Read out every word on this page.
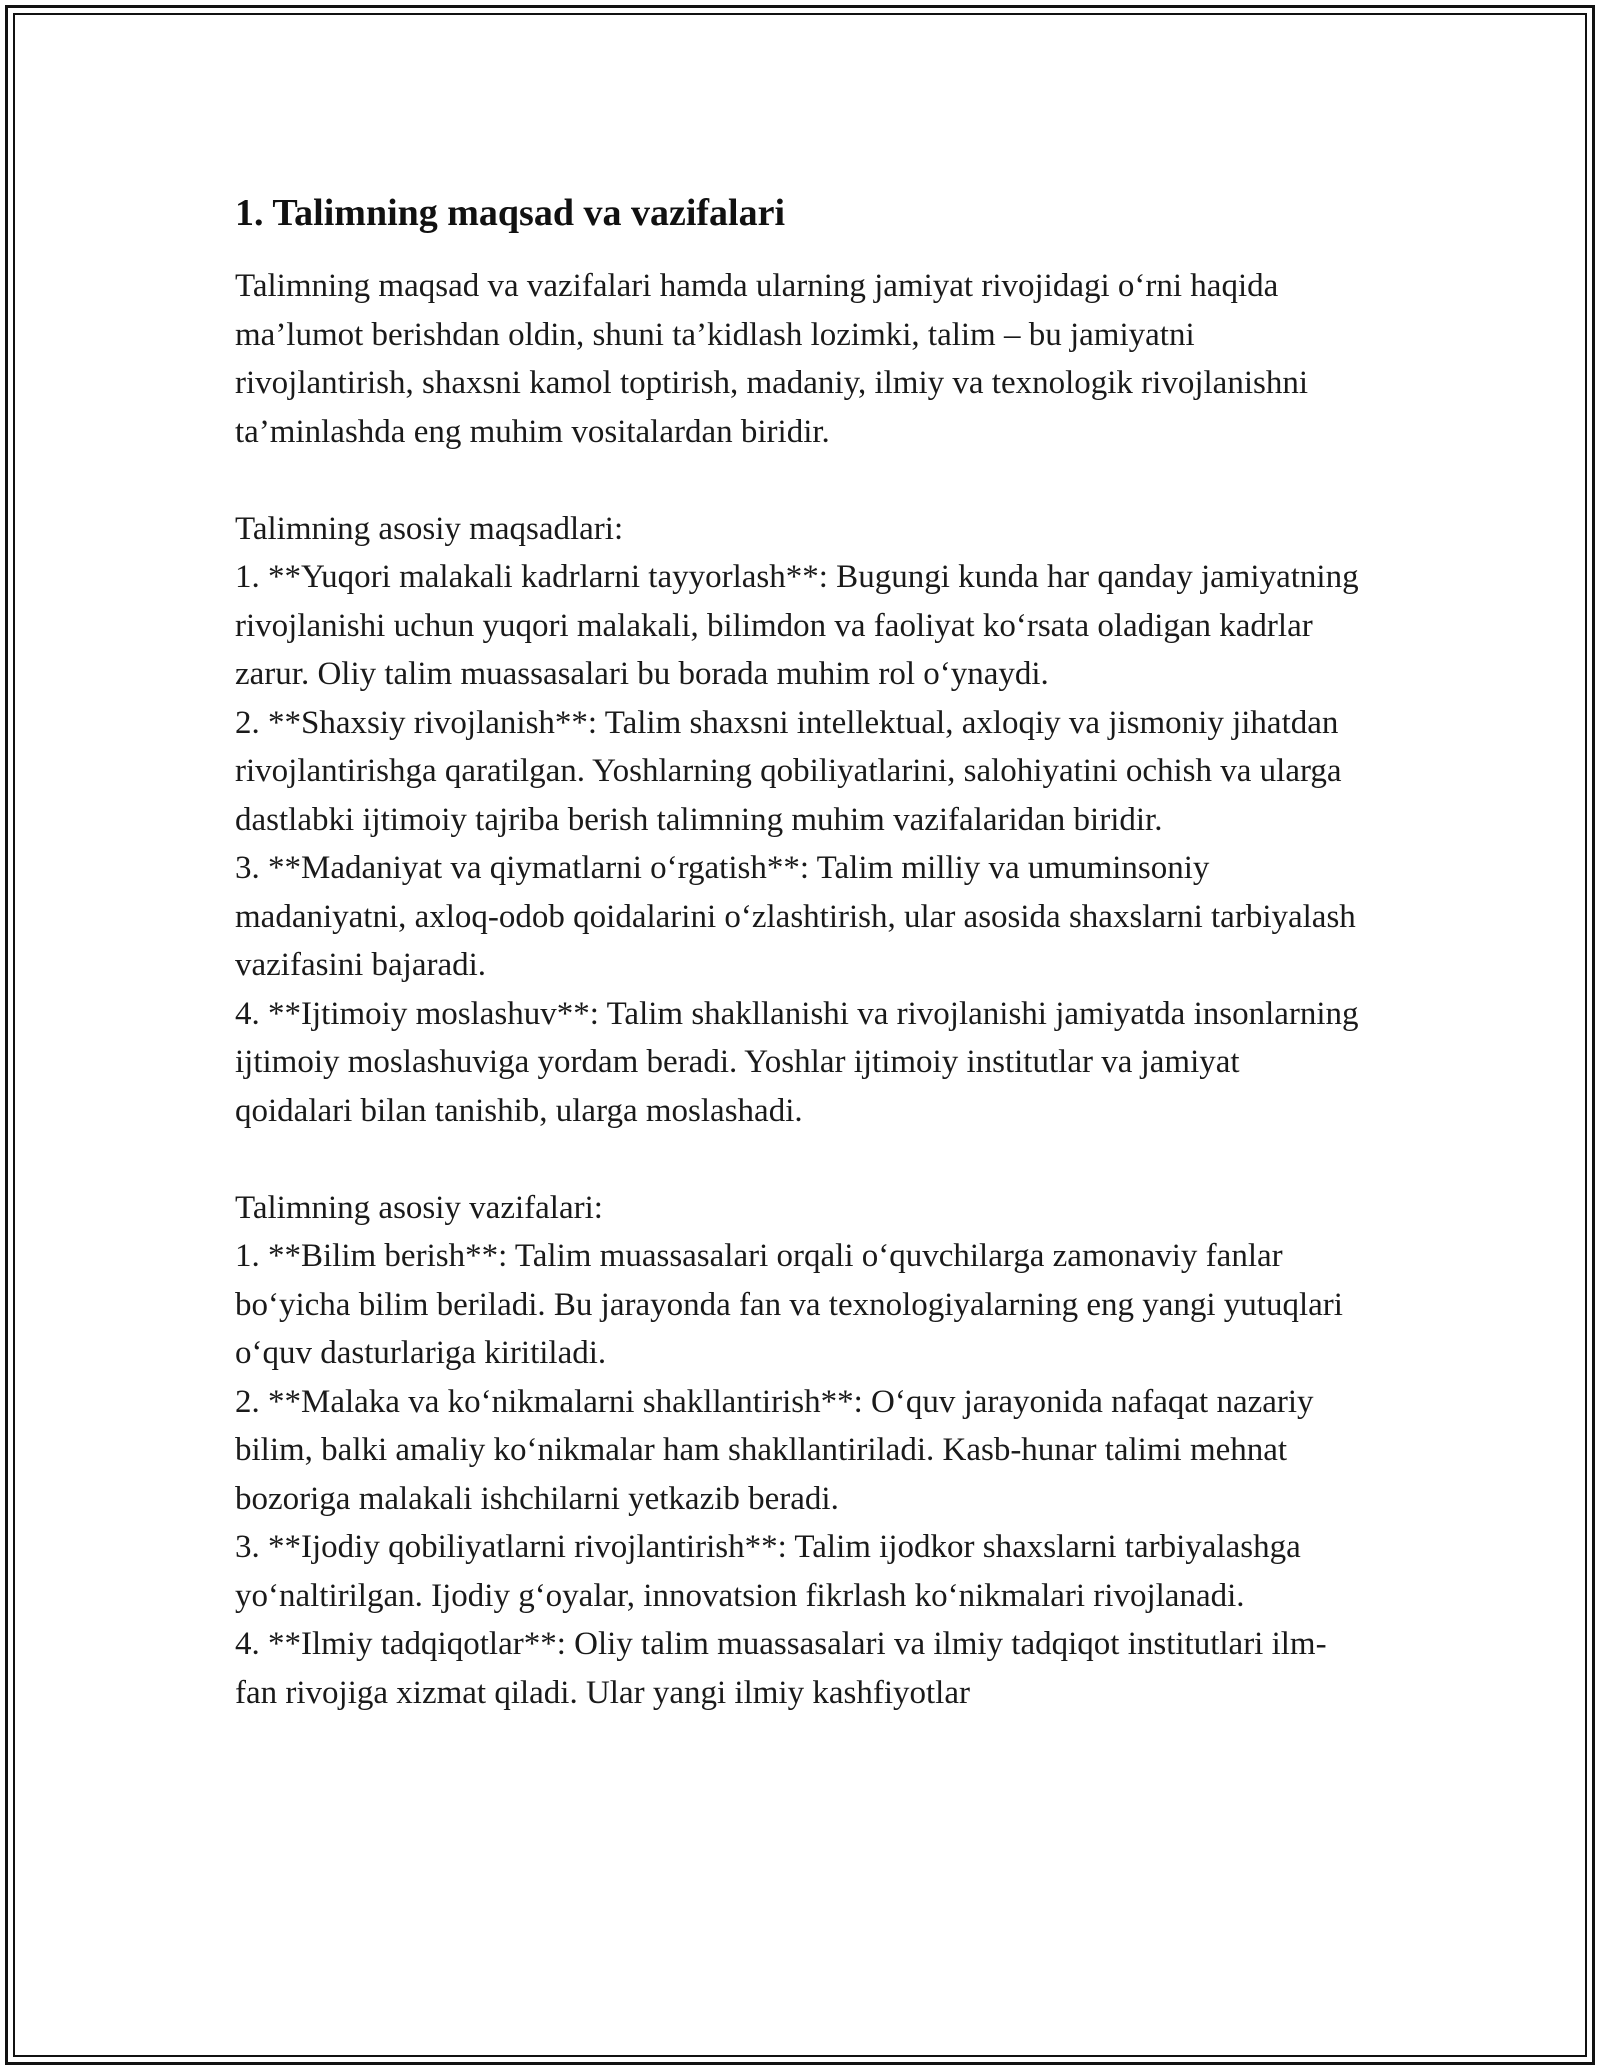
1. Talimning maqsad va vazifalari

Talimning maqsad va vazifalari hamda ularning jamiyat rivojidagi o‘rni haqida ma’lumot berishdan oldin, shuni ta’kidlash lozimki, talim – bu jamiyatni rivojlantirish, shaxsni kamol toptirish, madaniy, ilmiy va texnologik rivojlanishni ta’minlashda eng muhim vositalardan biridir.

Talimning asosiy maqsadlari:

1. **Yuqori malakali kadrlarni tayyorlash**: Bugungi kunda har qanday jamiyatning rivojlanishi uchun yuqori malakali, bilimdon va faoliyat ko‘rsata oladigan kadrlar zarur. Oliy talim muassasalari bu borada muhim rol o‘ynaydi.

2. **Shaxsiy rivojlanish**: Talim shaxsni intellektual, axloqiy va jismoniy jihatdan rivojlantirishga qaratilgan. Yoshlarning qobiliyatlarini, salohiyatini ochish va ularga dastlabki ijtimoiy tajriba berish talimning muhim vazifalaridan biridir.

3. **Madaniyat va qiymatlarni o‘rgatish**: Talim milliy va umuminsoniy madaniyatni, axloq-odob qoidalarini o‘zlashtirish, ular asosida shaxslarni tarbiyalash vazifasini bajaradi.

4. **Ijtimoiy moslashuv**: Talim shakllanishi va rivojlanishi jamiyatda insonlarning ijtimoiy moslashuviga yordam beradi. Yoshlar ijtimoiy institutlar va jamiyat qoidalari bilan tanishib, ularga moslashadi.

Talimning asosiy vazifalari:

1. **Bilim berish**: Talim muassasalari orqali o‘quvchilarga zamonaviy fanlar bo‘yicha bilim beriladi. Bu jarayonda fan va texnologiyalarning eng yangi yutuqlari o‘quv dasturlariga kiritiladi.

2. **Malaka va ko‘nikmalarni shakllantirish**: O‘quv jarayonida nafaqat nazariy bilim, balki amaliy ko‘nikmalar ham shakllantiriladi. Kasb-hunar talimi mehnat bozoriga malakali ishchilarni yetkazib beradi.

3. **Ijodiy qobiliyatlarni rivojlantirish**: Talim ijodkor shaxslarni tarbiyalashga yo‘naltirilgan. Ijodiy g‘oyalar, innovatsion fikrlash ko‘nikmalari rivojlanadi.

4. **Ilmiy tadqiqotlar**: Oliy talim muassasalari va ilmiy tadqiqot institutlari ilm-fan rivojiga xizmat qiladi. Ular yangi ilmiy kashfiyotlar
